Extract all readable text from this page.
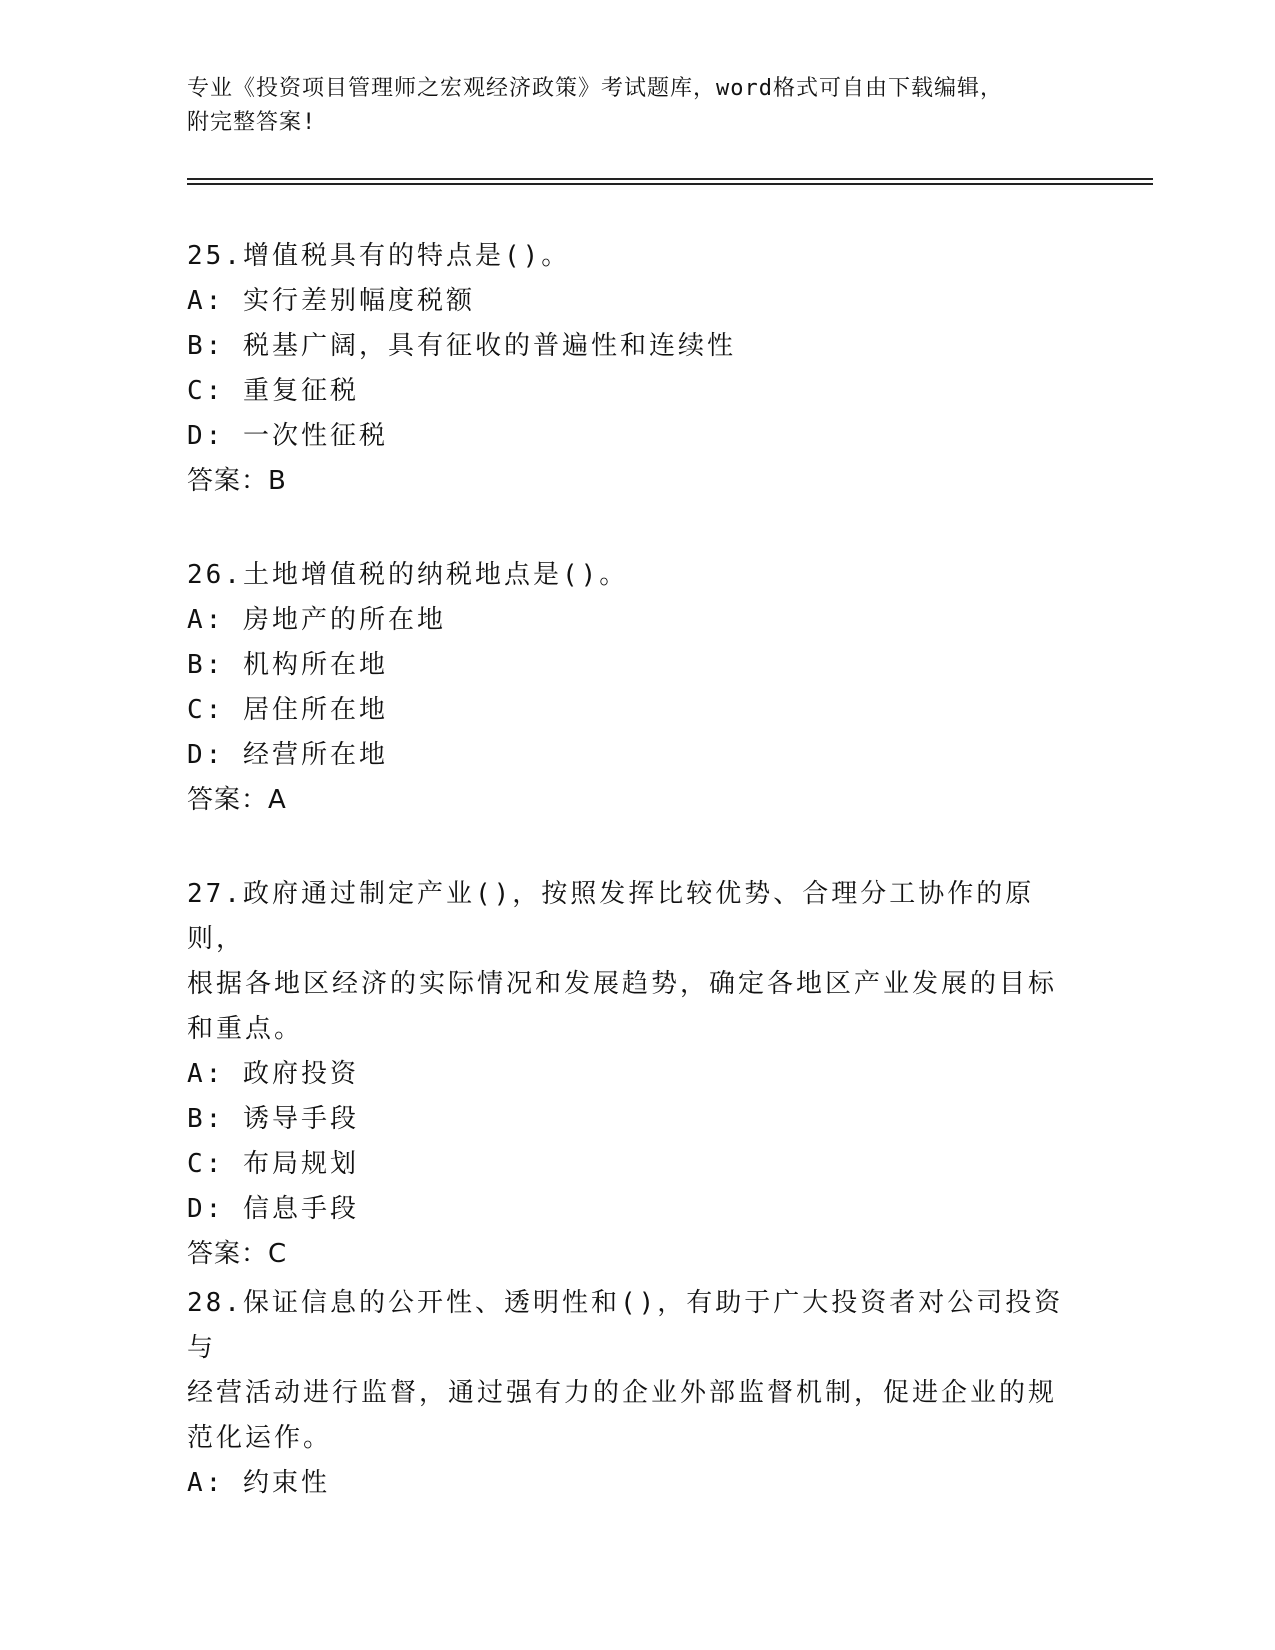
专业《投资项目管理师之宏观经济政策》考试题库，word格式可自由下载编辑，
附完整答案!

25.增值税具有的特点是()。

A: 实行差别幅度税额

B: 税基广阔，具有征收的普遍性和连续性

C: 重复征税

D: 一次性征税

答案：B

26.土地增值税的纳税地点是()。

A: 房地产的所在地

B: 机构所在地

C: 居住所在地

D: 经营所在地

答案：A

27.政府通过制定产业()，按照发挥比较优势、合理分工协作的原则，

根据各地区经济的实际情况和发展趋势，确定各地区产业发展的目标

和重点。

A: 政府投资

B: 诱导手段

C: 布局规划

D: 信息手段

答案：C

28.保证信息的公开性、透明性和()，有助于广大投资者对公司投资与

经营活动进行监督，通过强有力的企业外部监督机制，促进企业的规

范化运作。

A: 约束性
